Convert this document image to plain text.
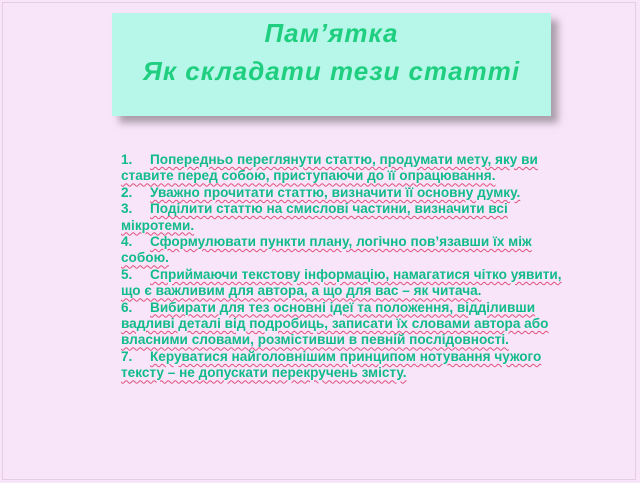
Пам’ятка
Як складати тези статті
1. Попередньо переглянути статтю, продумати мету, яку ви ставите перед собою, приступаючи до її опрацювання.
2. Уважно прочитати статтю, визначити її основну думку.
3. Поділити статтю на смислові частини, визначити всі мікротеми.
4. Сформулювати пункти плану, логічно пов’язавши їх між собою.
5. Сприймаючи текстову інформацію, намагатися чітко уявити, що є важливим для автора, а що для вас – як читача.
6. Вибирати для тез основні ідеї та положення, відділивши вадливі деталі від подробиць, записати їх словами автора або власними словами, розмістивши в певній послідовності.
7. Керуватися найголовнішим принципом нотування чужого тексту – не допускати перекручень змісту.
